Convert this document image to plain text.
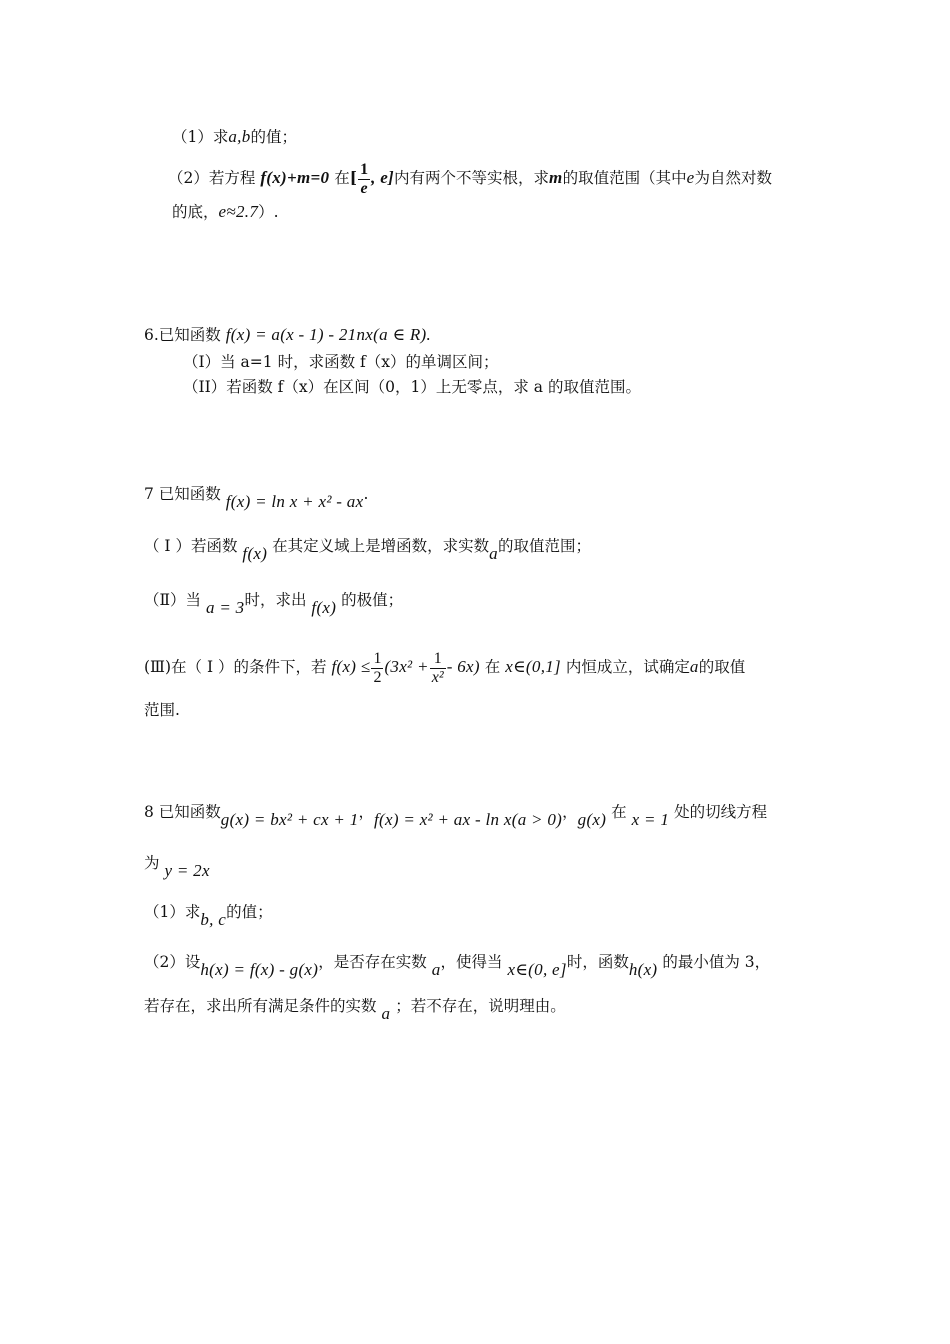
（1）求a,b的值；
（2）若方程 f(x)+m=0 在[ $\frac{1}{e}$ , e]内有两个不等实根，求m的取值范围（其中e为自然对数
的底，e≈2.7）.
6.已知函数 f(x) = a(x - 1) - 21nx(a ∈ R).
（I）当 a=1 时，求函数 f（x）的单调区间；
（II）若函数 f（x）在区间（0，1）上无零点，求 a 的取值范围。
7 已知函数 f(x) = ln x + x² - ax.
（ I ）若函数 f(x) 在其定义域上是增函数，求实数a的取值范围；
（Ⅱ）当 a = 3时，求出 f(x) 的极值；
(Ⅲ)在（ I ）的条件下，若 $f(x) \le \frac{1}{2} (3x^2 + \frac{1}{\text{x²}} - 6x)$ 在 x∈(0,1] 内恒成立，试确定a的取值
范围.
8 已知函数g(x) = bx² + cx + 1，f(x) = x² + ax - ln x(a > 0)，g(x) 在 x = 1 处的切线方程
为 y = 2x
（1）求b, c的值；
（2）设h(x) = f(x) - g(x)，是否存在实数 a，使得当 x∈(0, e]时，函数h(x) 的最小值为 3，
若存在，求出所有满足条件的实数 a ；若不存在，说明理由。
